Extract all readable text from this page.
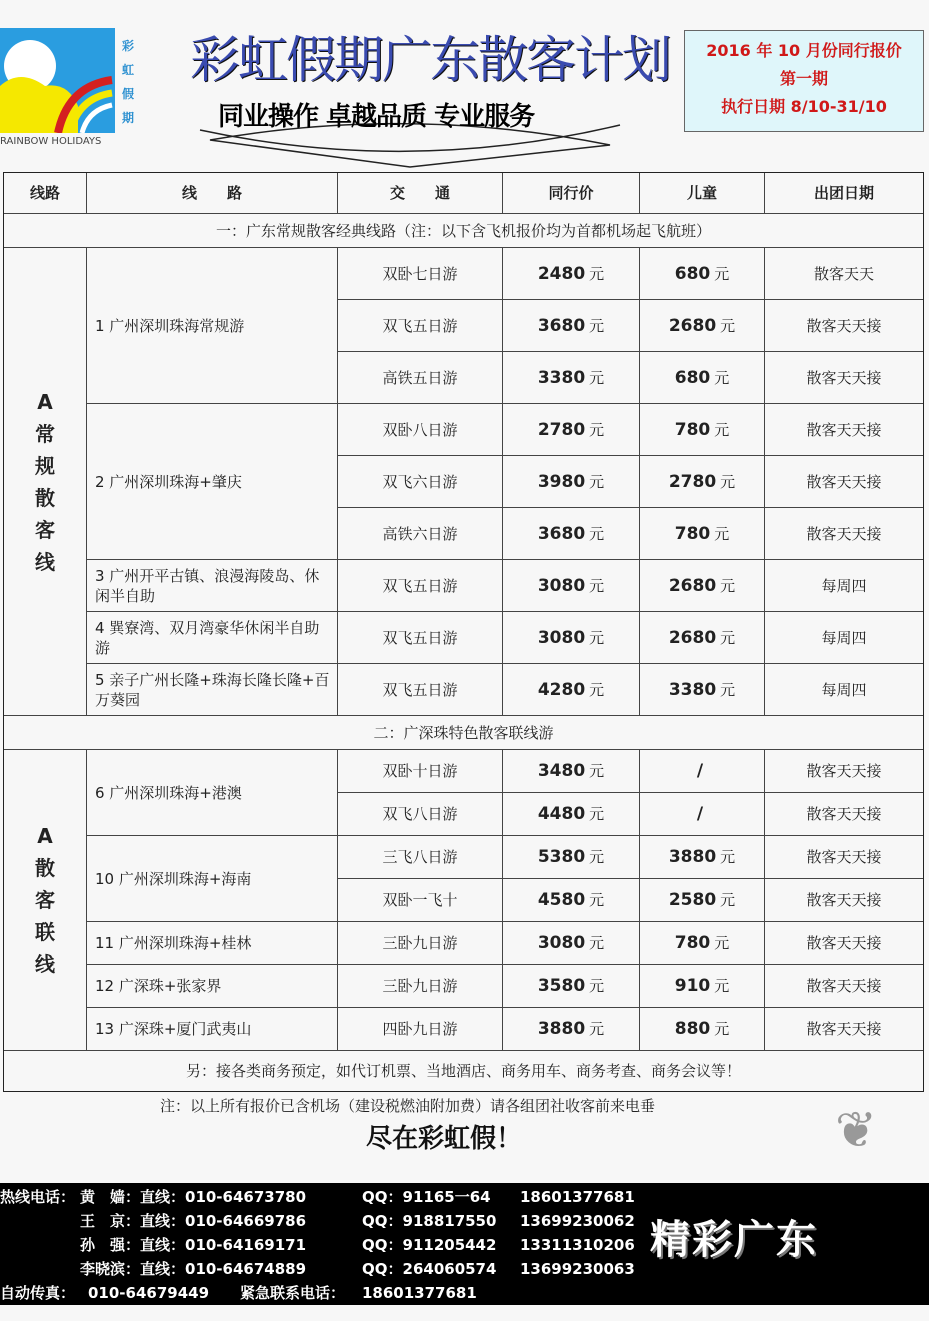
彩
虹
假
期
RAINBOW HOLIDAYS
彩虹假期广东散客计划
同业操作 卓越品质 专业服务
2016 年 10 月份同行报价
第一期
执行日期 8/10-31/10
线路	线　　路	交　　通	同行价	儿童	出团日期
一：广东常规散客经典线路（注：以下含飞机报价均为首都机场起飞航班）
A
常
规
散
客
线
1 广州深圳珠海常规游
双卧七日游	2480 元	680 元	散客天天
双飞五日游	3680 元	2680 元	散客天天接
高铁五日游	3380 元	680 元	散客天天接
2 广州深圳珠海+肇庆
双卧八日游	2780 元	780 元	散客天天接
双飞六日游	3980 元	2780 元	散客天天接
高铁六日游	3680 元	780 元	散客天天接
3 广州开平古镇、浪漫海陵岛、休闲半自助
双飞五日游	3080 元	2680 元	每周四
4 巽寮湾、双月湾豪华休闲半自助游
双飞五日游	3080 元	2680 元	每周四
5 亲子广州长隆+珠海长隆长隆+百万葵园
双飞五日游	4280 元	3380 元	每周四
二：广深珠特色散客联线游
A
散
客
联
线
6 广州深圳珠海+港澳
双卧十日游	3480 元	/	散客天天接
双飞八日游	4480 元	/	散客天天接
10 广州深圳珠海+海南
三飞八日游	5380 元	3880 元	散客天天接
双卧一飞十	4580 元	2580 元	散客天天接
11 广州深圳珠海+桂林	三卧九日游	3080 元	780 元	散客天天接
12 广深珠+张家界	三卧九日游	3580 元	910 元	散客天天接
13 广深珠+厦门武夷山	四卧九日游	3880 元	880 元	散客天天接
另：接各类商务预定，如代订机票、当地酒店、商务用车、商务考查、商务会议等！
注：以上所有报价已含机场（建设税燃油附加费）请各组团社收客前来电垂
尽在彩虹假！	❦
热线电话：
自动传真： 010-64679449 紧急联系电话： 18601377681
精彩广东
黄　嫱：直线：010-64673780	QQ：91165一64 18601377681
王　京：直线：010-64669786	QQ：918817550 13699230062
孙　强：直线：010-64169171	QQ：911205442 13311310206
李晓滨：直线：010-64674889	QQ：264060574 13699230063
